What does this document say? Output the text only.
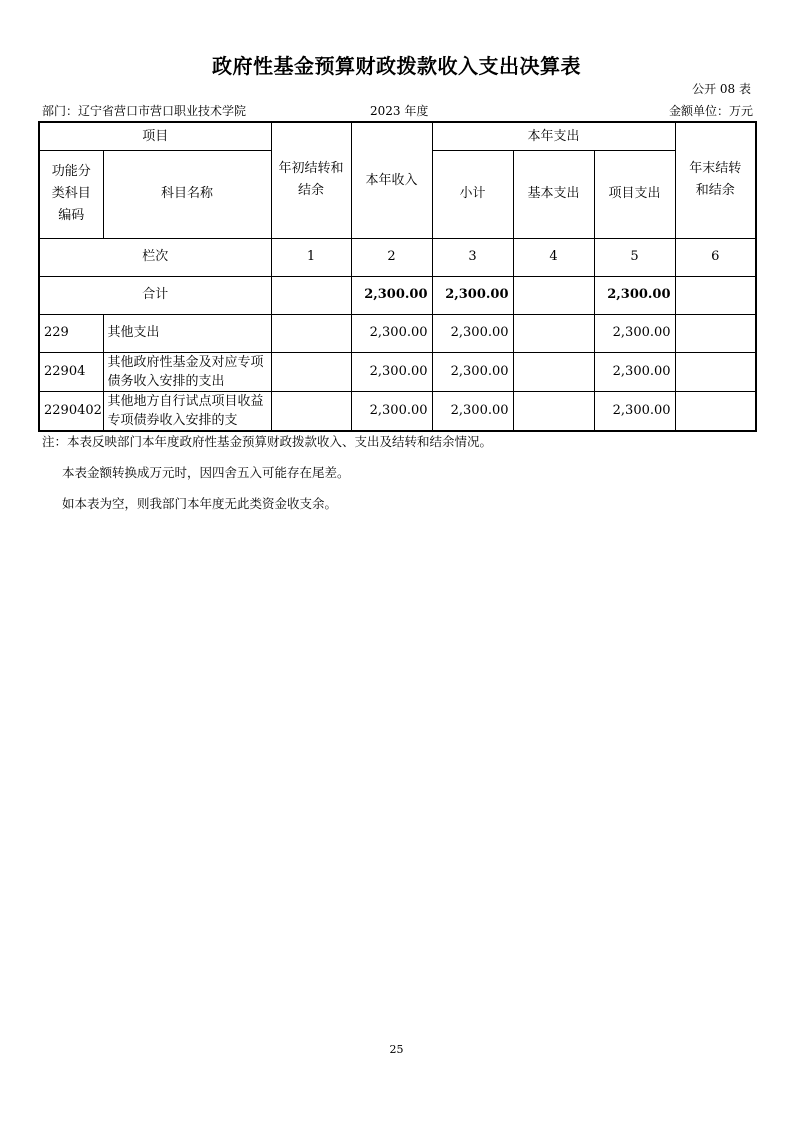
政府性基金预算财政拨款收入支出决算表
公开 08 表
部门：辽宁省营口市营口职业技术学院	2023 年度	金额单位：万元
项目		年初结转和结余	本年收入	本年支出			年末结转和结余

功能分类科目编码	科目名称			小计	基本支出	项目支出	
栏次		1	2	3	4	5	6
合计			2,300.00	2,300.00		2,300.00	
229	其他支出		2,300.00	2,300.00		2,300.00	
22904	其他政府性基金及对应专项债务收入安排的支出		2,300.00	2,300.00		2,300.00	
2290402	其他地方自行试点项目收益专项债券收入安排的支		2,300.00	2,300.00		2,300.00	
注：本表反映部门本年度政府性基金预算财政拨款收入、支出及结转和结余情况。
本表金额转换成万元时，因四舍五入可能存在尾差。
如本表为空，则我部门本年度无此类资金收支余。
25
